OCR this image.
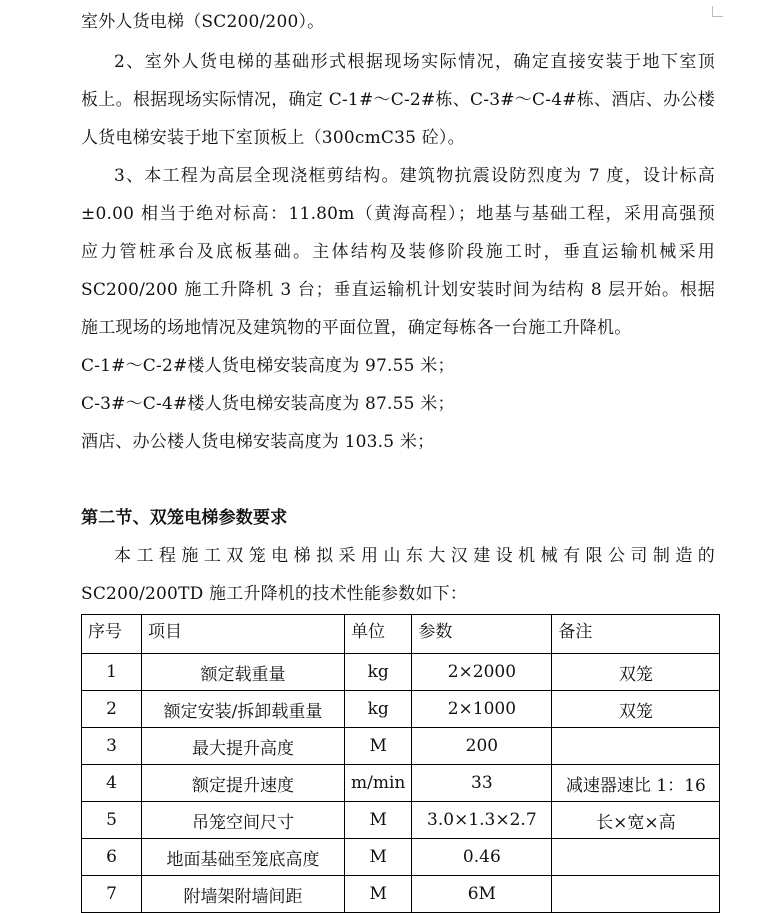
室外人货电梯（SC200/200）。
2、室外人货电梯的基础形式根据现场实际情况，确定直接安装于地下室顶
板上。根据现场实际情况，确定 C-1#～C-2#栋、C-3#～C-4#栋、酒店、办公楼
人货电梯安装于地下室顶板上（300cmC35 砼）。
3、本工程为高层全现浇框剪结构。建筑物抗震设防烈度为 7 度，设计标高
±0.00 相当于绝对标高：11.80m（黄海高程）；地基与基础工程，采用高强预
应力管桩承台及底板基础。主体结构及装修阶段施工时，垂直运输机械采用
SC200/200 施工升降机 3 台；垂直运输机计划安装时间为结构 8 层开始。根据
施工现场的场地情况及建筑物的平面位置，确定每栋各一台施工升降机。
C-1#～C-2#楼人货电梯安装高度为 97.55 米；
C-3#～C-4#楼人货电梯安装高度为 87.55 米；
酒店、办公楼人货电梯安装高度为 103.5 米；
第二节、双笼电梯参数要求
本工程施工双笼电梯拟采用山东大汉建设机械有限公司制造的
SC200/200TD 施工升降机的技术性能参数如下：
序号	项目	单位	参数	备注
1	额定载重量	kg	2×2000	双笼
2	额定安装/拆卸载重量	kg	2×1000	双笼
3	最大提升高度	M	200	
4	额定提升速度	m/min	33	减速器速比 1：16
5	吊笼空间尺寸	M	3.0×1.3×2.7	长×宽×高
6	地面基础至笼底高度	M	0.46	
7	附墙架附墙间距	M	6M	
